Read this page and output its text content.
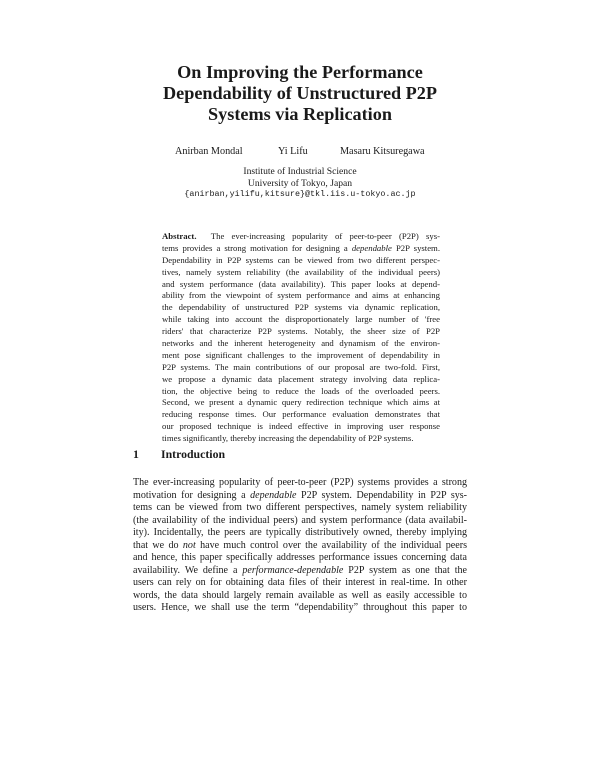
On Improving the Performance
Dependability of Unstructured P2P
Systems via Replication
Anirban Mondal	Yi Lifu	Masaru Kitsuregawa
Institute of Industrial Science
University of Tokyo, Japan
{anirban,yilifu,kitsure}@tkl.iis.u-tokyo.ac.jp
Abstract. The ever-increasing popularity of peer-to-peer (P2P) sys-
tems provides a strong motivation for designing a dependable P2P system.
Dependability in P2P systems can be viewed from two different perspec-
tives, namely system reliability (the availability of the individual peers)
and system performance (data availability). This paper looks at depend-
ability from the viewpoint of system performance and aims at enhancing
the dependability of unstructured P2P systems via dynamic replication,
while taking into account the disproportionately large number of 'free
riders' that characterize P2P systems. Notably, the sheer size of P2P
networks and the inherent heterogeneity and dynamism of the environ-
ment pose significant challenges to the improvement of dependability in
P2P systems. The main contributions of our proposal are two-fold. First,
we propose a dynamic data placement strategy involving data replica-
tion, the objective being to reduce the loads of the overloaded peers.
Second, we present a dynamic query redirection technique which aims at
reducing response times. Our performance evaluation demonstrates that
our proposed technique is indeed effective in improving user response
times significantly, thereby increasing the dependability of P2P systems.
1 Introduction
The ever-increasing popularity of peer-to-peer (P2P) systems provides a strong
motivation for designing a dependable P2P system. Dependability in P2P sys-
tems can be viewed from two different perspectives, namely system reliability
(the availability of the individual peers) and system performance (data availabil-
ity). Incidentally, the peers are typically distributively owned, thereby implying
that we do not have much control over the availability of the individual peers
and hence, this paper specifically addresses performance issues concerning data
availability. We define a performance-dependable P2P system as one that the
users can rely on for obtaining data files of their interest in real-time. In other
words, the data should largely remain available as well as easily accessible to
users. Hence, we shall use the term “dependability” throughout this paper to
